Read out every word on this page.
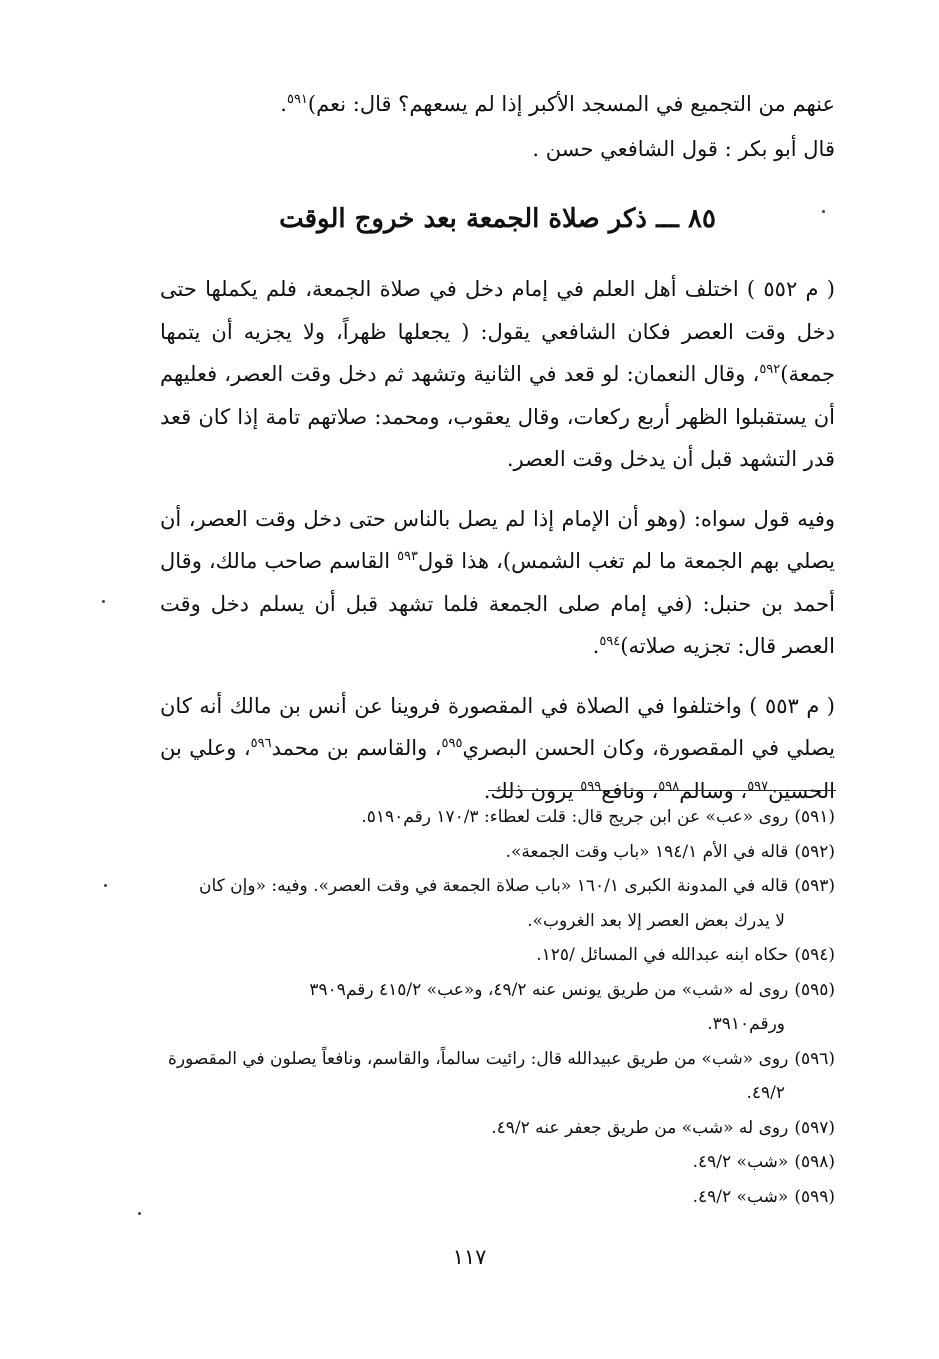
عنهم من التجميع في المسجد الأكبر إذا لم يسعهم؟ قال: نعم)$^{٥٩١}$.

قال أبو بكر : قول الشافعي حسن .

٨٥ ـــ ذكر صلاة الجمعة بعد خروج الوقت

( م ٥٥٢ ) اختلف أهل العلم في إمام دخل في صلاة الجمعة، فلم يكملها حتى دخل وقت العصر فكان الشافعي يقول: ( يجعلها ظهراً، ولا يجزيه أن يتمها جمعة)$^{٥٩٢}$، وقال النعمان: لو قعد في الثانية وتشهد ثم دخل وقت العصر، فعليهم أن يستقبلوا الظهر أربع ركعات، وقال يعقوب، ومحمد: صلاتهم تامة إذا كان قعد قدر التشهد قبل أن يدخل وقت العصر.

وفيه قول سواه: (وهو أن الإمام إذا لم يصل بالناس حتى دخل وقت العصر، أن يصلي بهم الجمعة ما لم تغب الشمس)، هذا قول$^{٥٩٣}$ القاسم صاحب مالك، وقال أحمد بن حنبل: (في إمام صلى الجمعة فلما تشهد قبل أن يسلم دخل وقت العصر قال: تجزيه صلاته)$^{٥٩٤}$.

( م ٥٥٣ ) واختلفوا في الصلاة في المقصورة فروينا عن أنس بن مالك أنه كان يصلي في المقصورة، وكان الحسن البصري$^{٥٩٥}$، والقاسم بن محمد$^{٥٩٦}$، وعلي بن الحسين$^{٥٩٧}$، وسالم$^{٥٩٨}$، ونافع$^{٥٩٩}$ يرون ذلك.

(٥٩١)روى «عب» عن ابن جريج قال: قلت لعطاء: ١٧٠/٣ رقم٥١٩٠.

(٥٩٢)قاله في الأم ١٩٤/١ «باب وقت الجمعة».

(٥٩٣)قاله في المدونة الكبرى ١٦٠/١ «باب صلاة الجمعة في وقت العصر». وفيه: «وإن كان
لا يدرك بعض العصر إلا بعد الغروب».

(٥٩٤)حكاه ابنه عبدالله في المسائل /١٢٥.

(٥٩٥)روى له «شب» من طريق يونس عنه ٤٩/٢، و«عب» ٤١٥/٢ رقم٣٩٠٩
ورقم٣٩١٠.

(٥٩٦)روى «شب» من طريق عبيدالله قال: رائيت سالماً، والقاسم، ونافعاً يصلون في المقصورة
٤٩/٢.

(٥٩٧)روى له «شب» من طريق جعفر عنه ٤٩/٢.

(٥٩٨)«شب» ٤٩/٢.

(٥٩٩)«شب» ٤٩/٢.

١١٧
